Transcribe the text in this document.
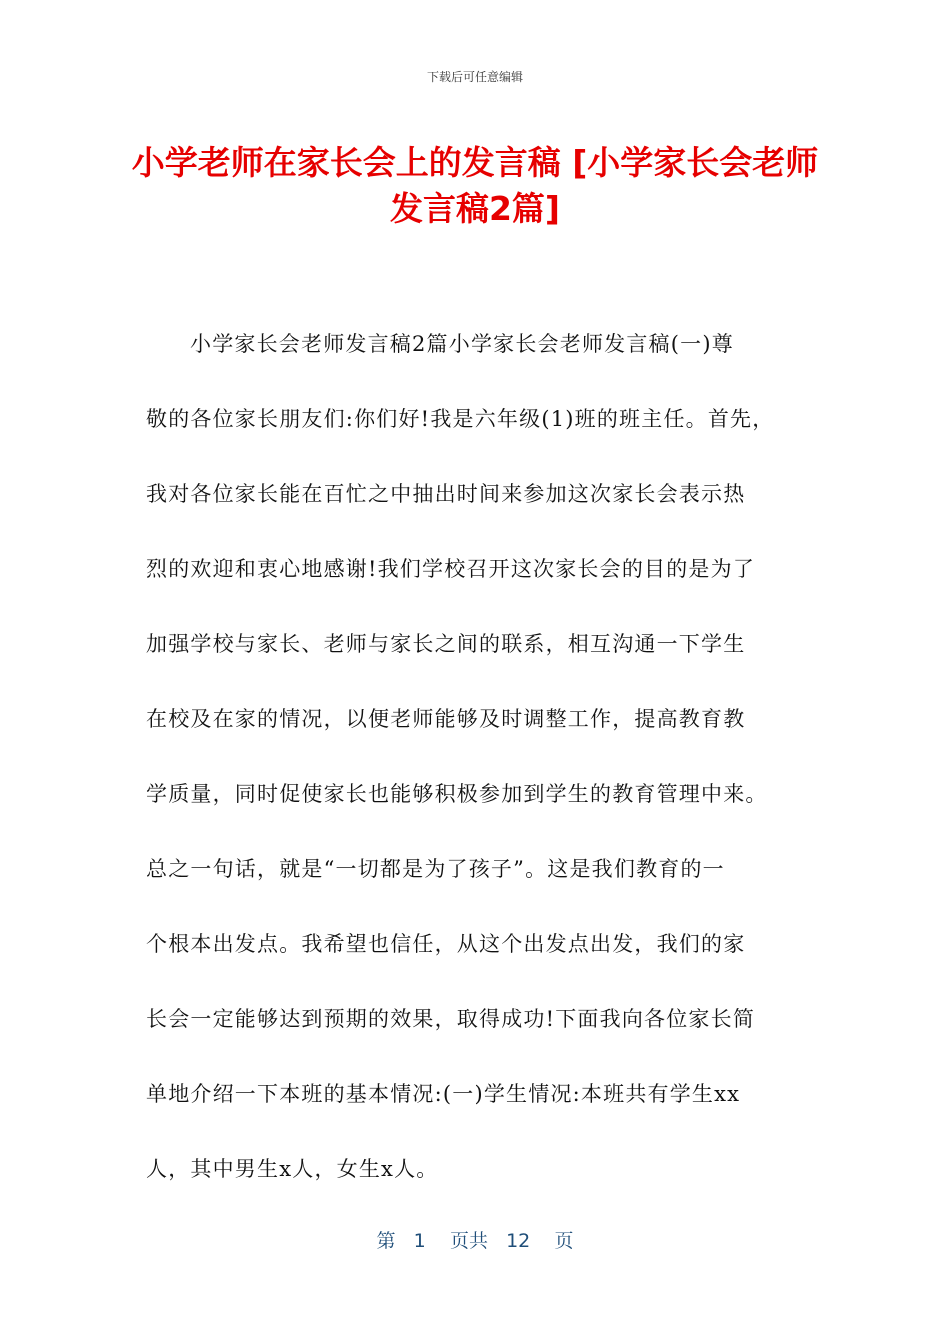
下载后可任意编辑
小学老师在家长会上的发言稿 [小学家长会老师发言稿2篇]
小学家长会老师发言稿2篇小学家长会老师发言稿(一)尊
敬的各位家长朋友们:你们好!我是六年级(1)班的班主任。首先，
我对各位家长能在百忙之中抽出时间来参加这次家长会表示热
烈的欢迎和衷心地感谢!我们学校召开这次家长会的目的是为了
加强学校与家长、老师与家长之间的联系，相互沟通一下学生
在校及在家的情况，以便老师能够及时调整工作，提高教育教
学质量，同时促使家长也能够积极参加到学生的教育管理中来。
总之一句话，就是“一切都是为了孩子”。这是我们教育的一
个根本出发点。我希望也信任，从这个出发点出发，我们的家
长会一定能够达到预期的效果，取得成功!下面我向各位家长简
单地介绍一下本班的基本情况:(一)学生情况:本班共有学生xx
人，其中男生x人，女生x人。
第 1 页共 12 页
